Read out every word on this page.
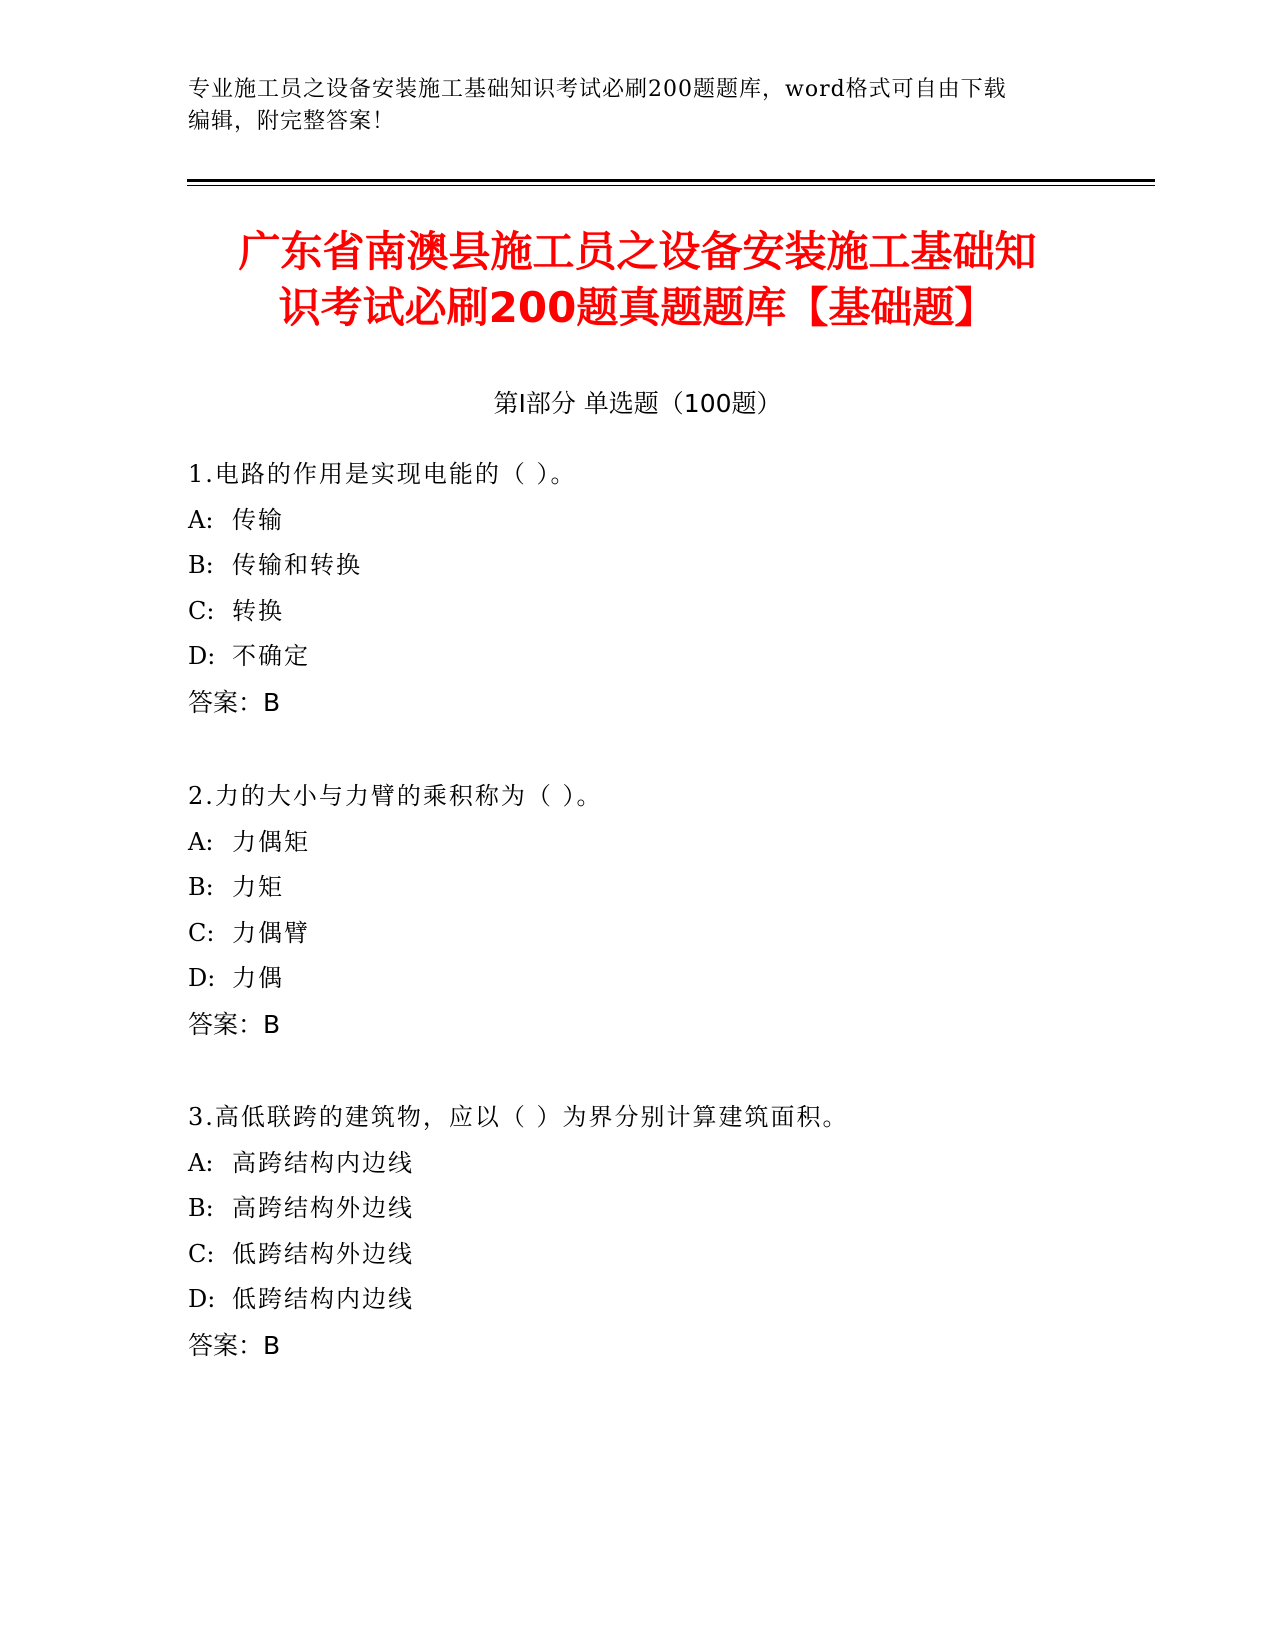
专业施工员之设备安装施工基础知识考试必刷200题题库，word格式可自由下载
编辑，附完整答案！
广东省南澳县施工员之设备安装施工基础知
识考试必刷200题真题题库【基础题】
第Ⅰ部分 单选题（100题）
1.电路的作用是实现电能的（ ）。
A: 传输
B: 传输和转换
C: 转换
D: 不确定
答案：B
2.力的大小与力臂的乘积称为（ ）。
A: 力偶矩
B: 力矩
C: 力偶臂
D: 力偶
答案：B
3.高低联跨的建筑物，应以（ ）为界分别计算建筑面积。
A: 高跨结构内边线
B: 高跨结构外边线
C: 低跨结构外边线
D: 低跨结构内边线
答案：B
